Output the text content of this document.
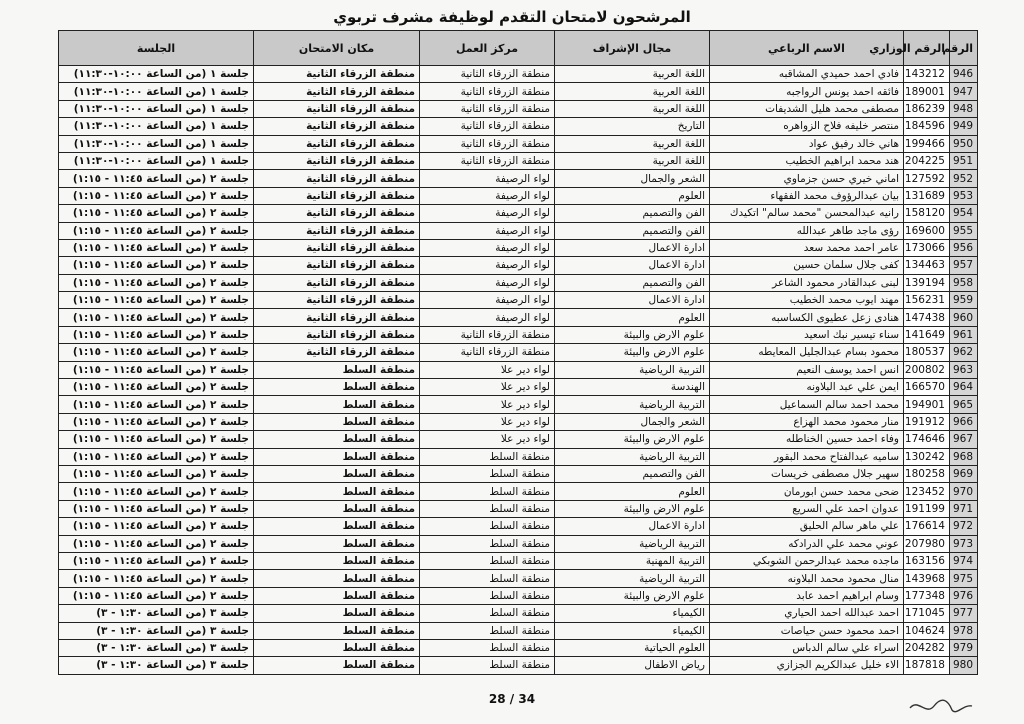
المرشحون لامتحان التقدم لوظيفة مشرف تربوي
الرقم	الرقم الوزاري	الاسم الرباعي	مجال الإشراف	مركز العمل	مكان الامتحان	الجلسة
946	143212	فادي احمد حميدي المشاقبه	اللغة العربية	منطقة الزرقاء الثانية	منطقة الزرقاء الثانية	جلسة ١ (من الساعة ١٠:٠٠-١١:٣٠)
947	189001	فائقه احمد يونس الرواجبه	اللغة العربية	منطقة الزرقاء الثانية	منطقة الزرقاء الثانية	جلسة ١ (من الساعة ١٠:٠٠-١١:٣٠)
948	186239	مصطفى محمد هليل الشديفات	اللغة العربية	منطقة الزرقاء الثانية	منطقة الزرقاء الثانية	جلسة ١ (من الساعة ١٠:٠٠-١١:٣٠)
949	184596	منتصر خليفه فلاح الزواهره	التاريخ	منطقة الزرقاء الثانية	منطقة الزرقاء الثانية	جلسة ١ (من الساعة ١٠:٠٠-١١:٣٠)
950	199466	هاني خالد رفيق عواد	اللغة العربية	منطقة الزرقاء الثانية	منطقة الزرقاء الثانية	جلسة ١ (من الساعة ١٠:٠٠-١١:٣٠)
951	204225	هند محمد ابراهيم الخطيب	اللغة العربية	منطقة الزرقاء الثانية	منطقة الزرقاء الثانية	جلسة ١ (من الساعة ١٠:٠٠-١١:٣٠)
952	127592	اماني خيري حسن جزماوي	الشعر والجمال	لواء الرصيفة	منطقة الزرقاء الثانية	جلسة ٢ (من الساعة ١١:٤٥ - ١:١٥)
953	131689	بيان عبدالرؤوف محمد الفقهاء	العلوم	لواء الرصيفة	منطقة الزرقاء الثانية	جلسة ٢ (من الساعة ١١:٤٥ - ١:١٥)
954	158120	رانيه عبدالمحسن "محمد سالم" اتكيدك	الفن والتصميم	لواء الرصيفة	منطقة الزرقاء الثانية	جلسة ٢ (من الساعة ١١:٤٥ - ١:١٥)
955	169600	رؤى ماجد طاهر عبدالله	الفن والتصميم	لواء الرصيفة	منطقة الزرقاء الثانية	جلسة ٢ (من الساعة ١١:٤٥ - ١:١٥)
956	173066	عامر احمد محمد سعد	ادارة الاعمال	لواء الرصيفة	منطقة الزرقاء الثانية	جلسة ٢ (من الساعة ١١:٤٥ - ١:١٥)
957	134463	كفى جلال سلمان حسين	ادارة الاعمال	لواء الرصيفة	منطقة الزرقاء الثانية	جلسة ٢ (من الساعة ١١:٤٥ - ١:١٥)
958	139194	لبنى عبدالقادر محمود الشاعر	الفن والتصميم	لواء الرصيفة	منطقة الزرقاء الثانية	جلسة ٢ (من الساعة ١١:٤٥ - ١:١٥)
959	156231	مهند ايوب محمد الخطيب	ادارة الاعمال	لواء الرصيفة	منطقة الزرقاء الثانية	جلسة ٢ (من الساعة ١١:٤٥ - ١:١٥)
960	147438	هنادى زعل عطيوى الكساسبه	العلوم	لواء الرصيفة	منطقة الزرقاء الثانية	جلسة ٢ (من الساعة ١١:٤٥ - ١:١٥)
961	141649	سناء تيسير نبك اسعيد	علوم الارض والبيئة	منطقة الزرقاء الثانية	منطقة الزرقاء الثانية	جلسة ٢ (من الساعة ١١:٤٥ - ١:١٥)
962	180537	محمود بسام عبدالجليل المعايطه	علوم الارض والبيئة	منطقة الزرقاء الثانية	منطقة الزرقاء الثانية	جلسة ٢ (من الساعة ١١:٤٥ - ١:١٥)
963	200802	انس احمد يوسف النعيم	التربية الرياضية	لواء دير علا	منطقة السلط	جلسة ٢ (من الساعة ١١:٤٥ - ١:١٥)
964	166570	ايمن علي عبد البلاونه	الهندسة	لواء دير علا	منطقة السلط	جلسة ٢ (من الساعة ١١:٤٥ - ١:١٥)
965	194901	محمد احمد سالم السماعيل	التربية الرياضية	لواء دير علا	منطقة السلط	جلسة ٢ (من الساعة ١١:٤٥ - ١:١٥)
966	191912	منار محمود محمد الهزاع	الشعر والجمال	لواء دير علا	منطقة السلط	جلسة ٢ (من الساعة ١١:٤٥ - ١:١٥)
967	174646	وفاء احمد حسين الخناطله	علوم الارض والبيئة	لواء دير علا	منطقة السلط	جلسة ٢ (من الساعة ١١:٤٥ - ١:١٥)
968	130242	ساميه عبدالفتاح محمد البقور	التربية الرياضية	منطقة السلط	منطقة السلط	جلسة ٢ (من الساعة ١١:٤٥ - ١:١٥)
969	180258	سهير جلال مصطفى خريسات	الفن والتصميم	منطقة السلط	منطقة السلط	جلسة ٢ (من الساعة ١١:٤٥ - ١:١٥)
970	123452	ضحى محمد حسن ابورمان	العلوم	منطقة السلط	منطقة السلط	جلسة ٢ (من الساعة ١١:٤٥ - ١:١٥)
971	191199	عدوان احمد علي السريع	علوم الارض والبيئة	منطقة السلط	منطقة السلط	جلسة ٢ (من الساعة ١١:٤٥ - ١:١٥)
972	176614	علي ماهر سالم الحليق	ادارة الاعمال	منطقة السلط	منطقة السلط	جلسة ٢ (من الساعة ١١:٤٥ - ١:١٥)
973	207980	عوني محمد علي الدرادكه	التربية الرياضية	منطقة السلط	منطقة السلط	جلسة ٢ (من الساعة ١١:٤٥ - ١:١٥)
974	163156	ماجده محمد عبدالرحمن الشوبكي	التربية المهنية	منطقة السلط	منطقة السلط	جلسة ٢ (من الساعة ١١:٤٥ - ١:١٥)
975	143968	منال محمود محمد البلاونه	التربية الرياضية	منطقة السلط	منطقة السلط	جلسة ٢ (من الساعة ١١:٤٥ - ١:١٥)
976	177348	وسام ابراهيم احمد عابد	علوم الارض والبيئة	منطقة السلط	منطقة السلط	جلسة ٢ (من الساعة ١١:٤٥ - ١:١٥)
977	171045	احمد عبدالله احمد الحياري	الكيمياء	منطقة السلط	منطقة السلط	جلسة ٣ (من الساعة ١:٣٠ - ٣)
978	104624	احمد محمود حسن حياصات	الكيمياء	منطقة السلط	منطقة السلط	جلسة ٣ (من الساعة ١:٣٠ - ٣)
979	204282	اسراء علي سالم الدباس	العلوم الحياتية	منطقة السلط	منطقة السلط	جلسة ٣ (من الساعة ١:٣٠ - ٣)
980	187818	الاء خليل عبدالكريم الجزازي	رياض الاطفال	منطقة السلط	منطقة السلط	جلسة ٣ (من الساعة ١:٣٠ - ٣)
28 / 34
